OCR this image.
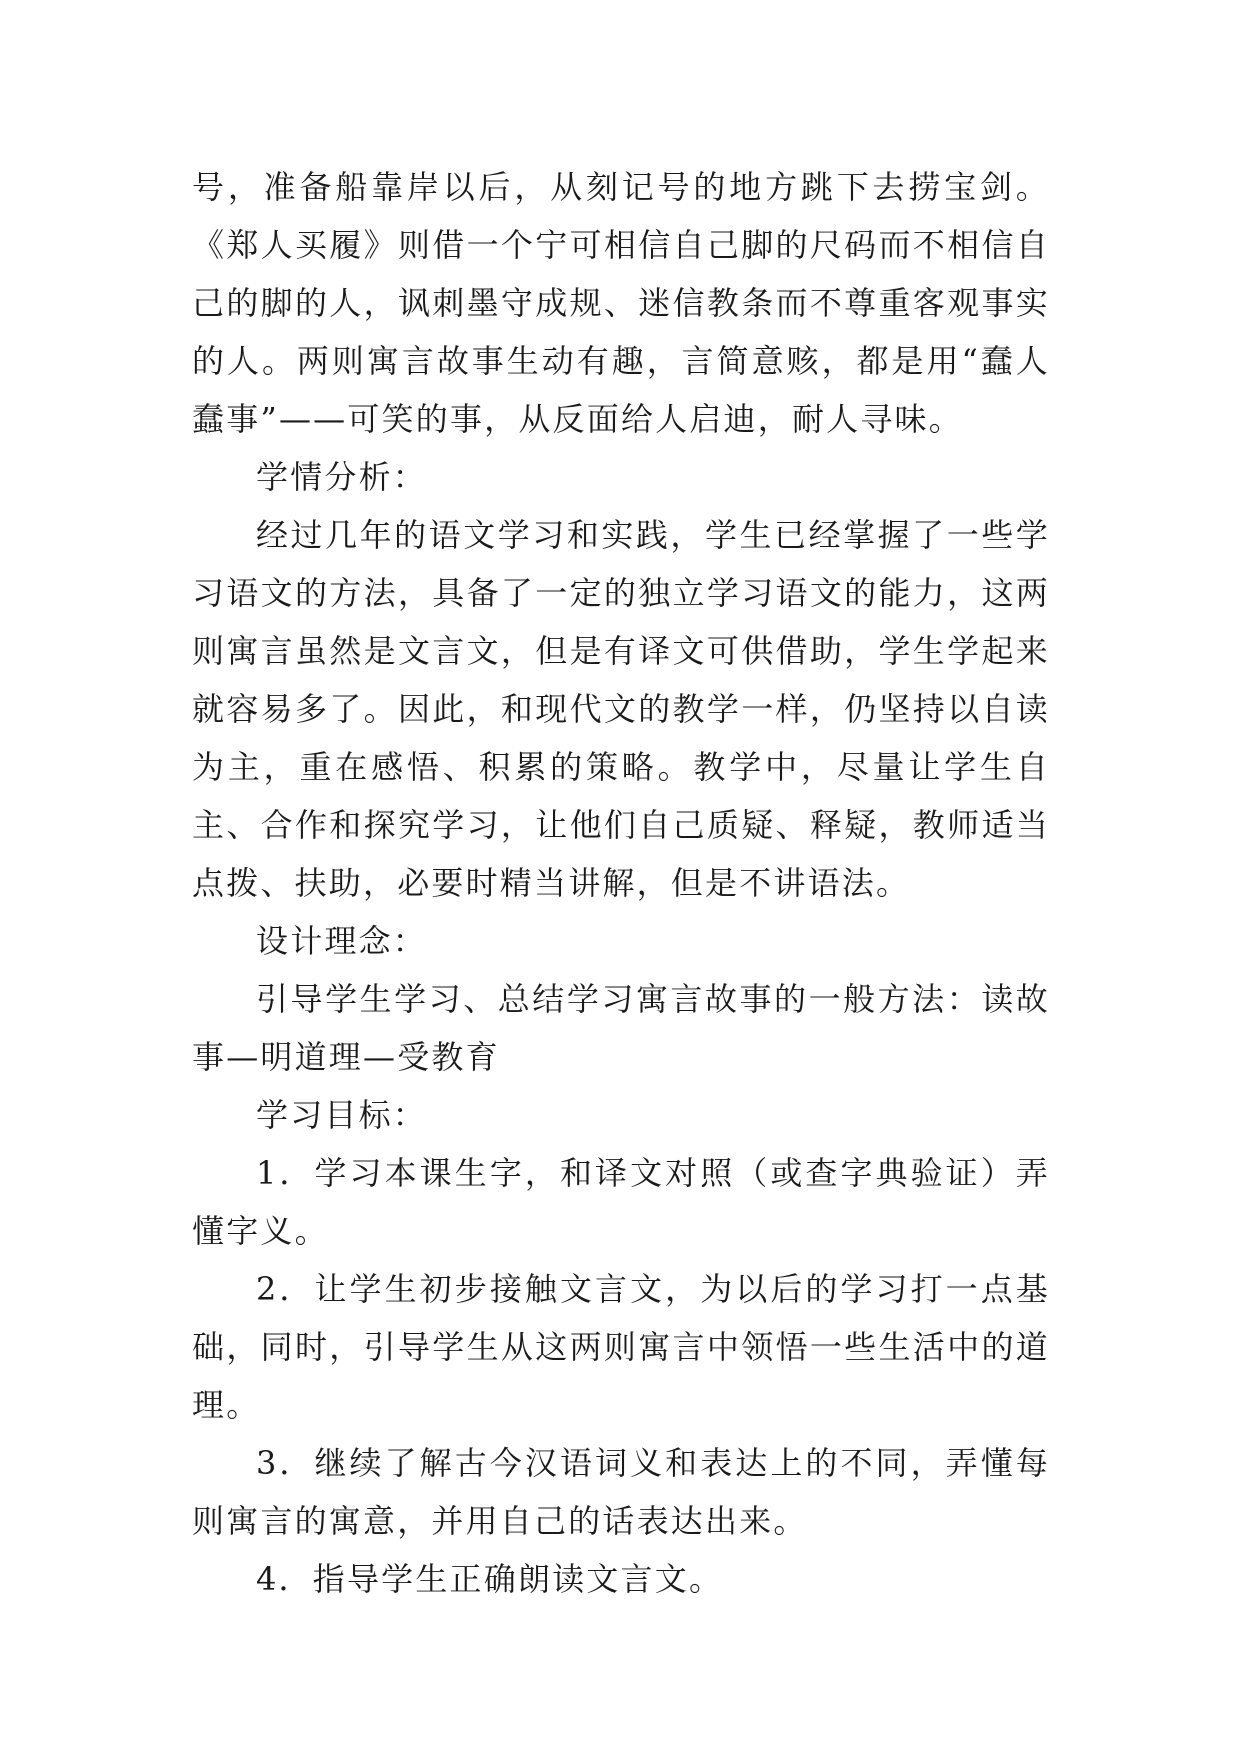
号，准备船靠岸以后，从刻记号的地方跳下去捞宝剑。《郑人买履》则借一个宁可相信自己脚的尺码而不相信自己的脚的人，讽刺墨守成规、迷信教条而不尊重客观事实的人。两则寓言故事生动有趣，言简意赅，都是用“蠢人蠢事”——可笑的事，从反面给人启迪，耐人寻味。

学情分析：

经过几年的语文学习和实践，学生已经掌握了一些学习语文的方法，具备了一定的独立学习语文的能力，这两则寓言虽然是文言文，但是有译文可供借助，学生学起来就容易多了。因此，和现代文的教学一样，仍坚持以自读为主，重在感悟、积累的策略。教学中，尽量让学生自主、合作和探究学习，让他们自己质疑、释疑，教师适当点拨、扶助，必要时精当讲解，但是不讲语法。

设计理念：

引导学生学习、总结学习寓言故事的一般方法：读故事—明道理—受教育

学习目标：

1．学习本课生字，和译文对照（或查字典验证）弄懂字义。

2．让学生初步接触文言文，为以后的学习打一点基础，同时，引导学生从这两则寓言中领悟一些生活中的道理。

3．继续了解古今汉语词义和表达上的不同，弄懂每则寓言的寓意，并用自己的话表达出来。

4．指导学生正确朗读文言文。
